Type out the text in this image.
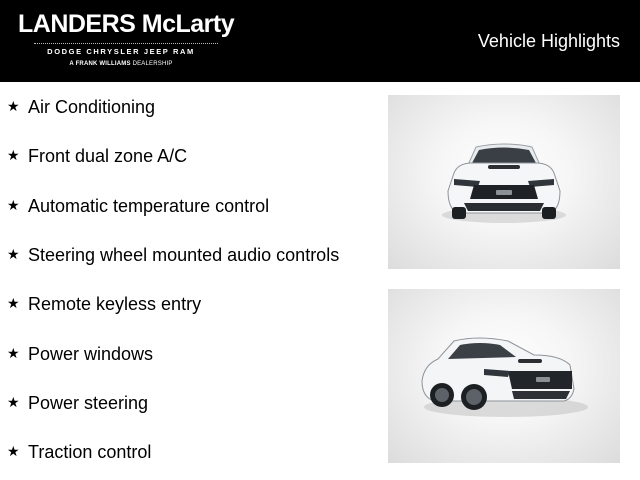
LANDERS McLarty
DODGE CHRYSLER JEEP RAM
A FRANK WILLIAMS DEALERSHIP
Vehicle Highlights
★ Air Conditioning
★ Front dual zone A/C
★ Automatic temperature control
★ Steering wheel mounted audio controls
★ Remote keyless entry
★ Power windows
★ Power steering
★ Traction control
